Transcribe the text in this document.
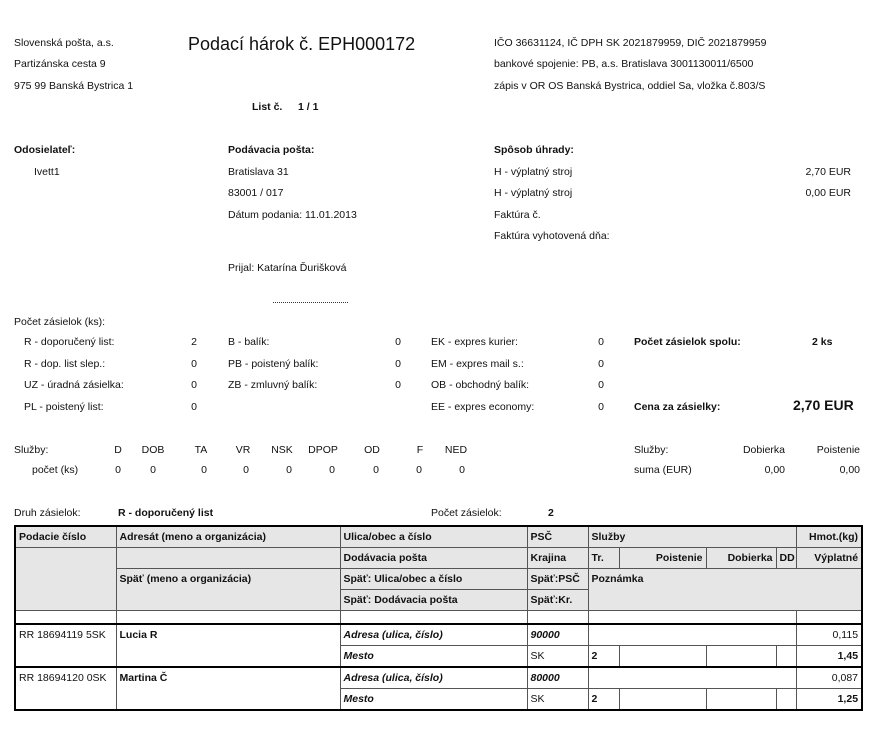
Slovenská pošta, a.s.
Partizánska cesta 9
975 99 Banská Bystrica 1
Podací hárok č. EPH000172
List č. 1 / 1
IČO 36631124, IČ DPH SK 2021879959, DIČ 2021879959
bankové spojenie: PB, a.s. Bratislava 3001130011/6500
zápis v OR OS Banská Bystrica, oddiel Sa, vložka č.803/S
Odosielateľ:
Ivett1
Podávacia pošta:
Bratislava 31
83001 / 017
Dátum podania: 11.01.2013
Prijal: Katarína Ďurišková
Spôsob úhrady:
H - výplatný stroj	2,70 EUR
H - výplatný stroj	0,00 EUR
Faktúra č.
Faktúra vyhotovená dňa:
Počet zásielok (ks):
R - doporučený list:	2
R - dop. list slep.:	0
UZ - úradná zásielka:	0
PL - poistený list:	0
B - balík:	0
PB - poistený balík:	0
ZB - zmluvný balík:	0
EK - expres kurier:	0
EM - expres mail s.:	0
OB - obchodný balík:	0
EE - expres economy:	0
Počet zásielok spolu:	2 ks
Cena za zásielky:	2,70 EUR
Služby:
počet (ks)
D	DOB	TA	VR	NSK	DPOP	OD	F	NED
0	0	0	0	0	0	0	0	0
Služby:
suma (EUR)
Dobierka
0,00
Poistenie
0,00
Druh zásielok:	R - doporučený list	Počet zásielok:	2
Podacie číslo	Adresát (meno a organizácia)	Ulica/obec a číslo	PSČ	Služby				Hmot.(kg)
		Dodávacia pošta	Krajina	Tr.	Poistenie	Dobierka	DD	Výplatné
	Späť (meno a organizácia)	Späť: Ulica/obec a číslo	Späť:PSČ	Poznámka				
		Späť: Dodávacia pošta	Späť:Kr.					

RR 18694119 5SK	Lucia R	Adresa (ulica, číslo)	90000					0,115
		Mesto	SK	2				1,45
RR 18694120 0SK	Martina Č	Adresa (ulica, číslo)	80000					0,087
		Mesto	SK	2				1,25
